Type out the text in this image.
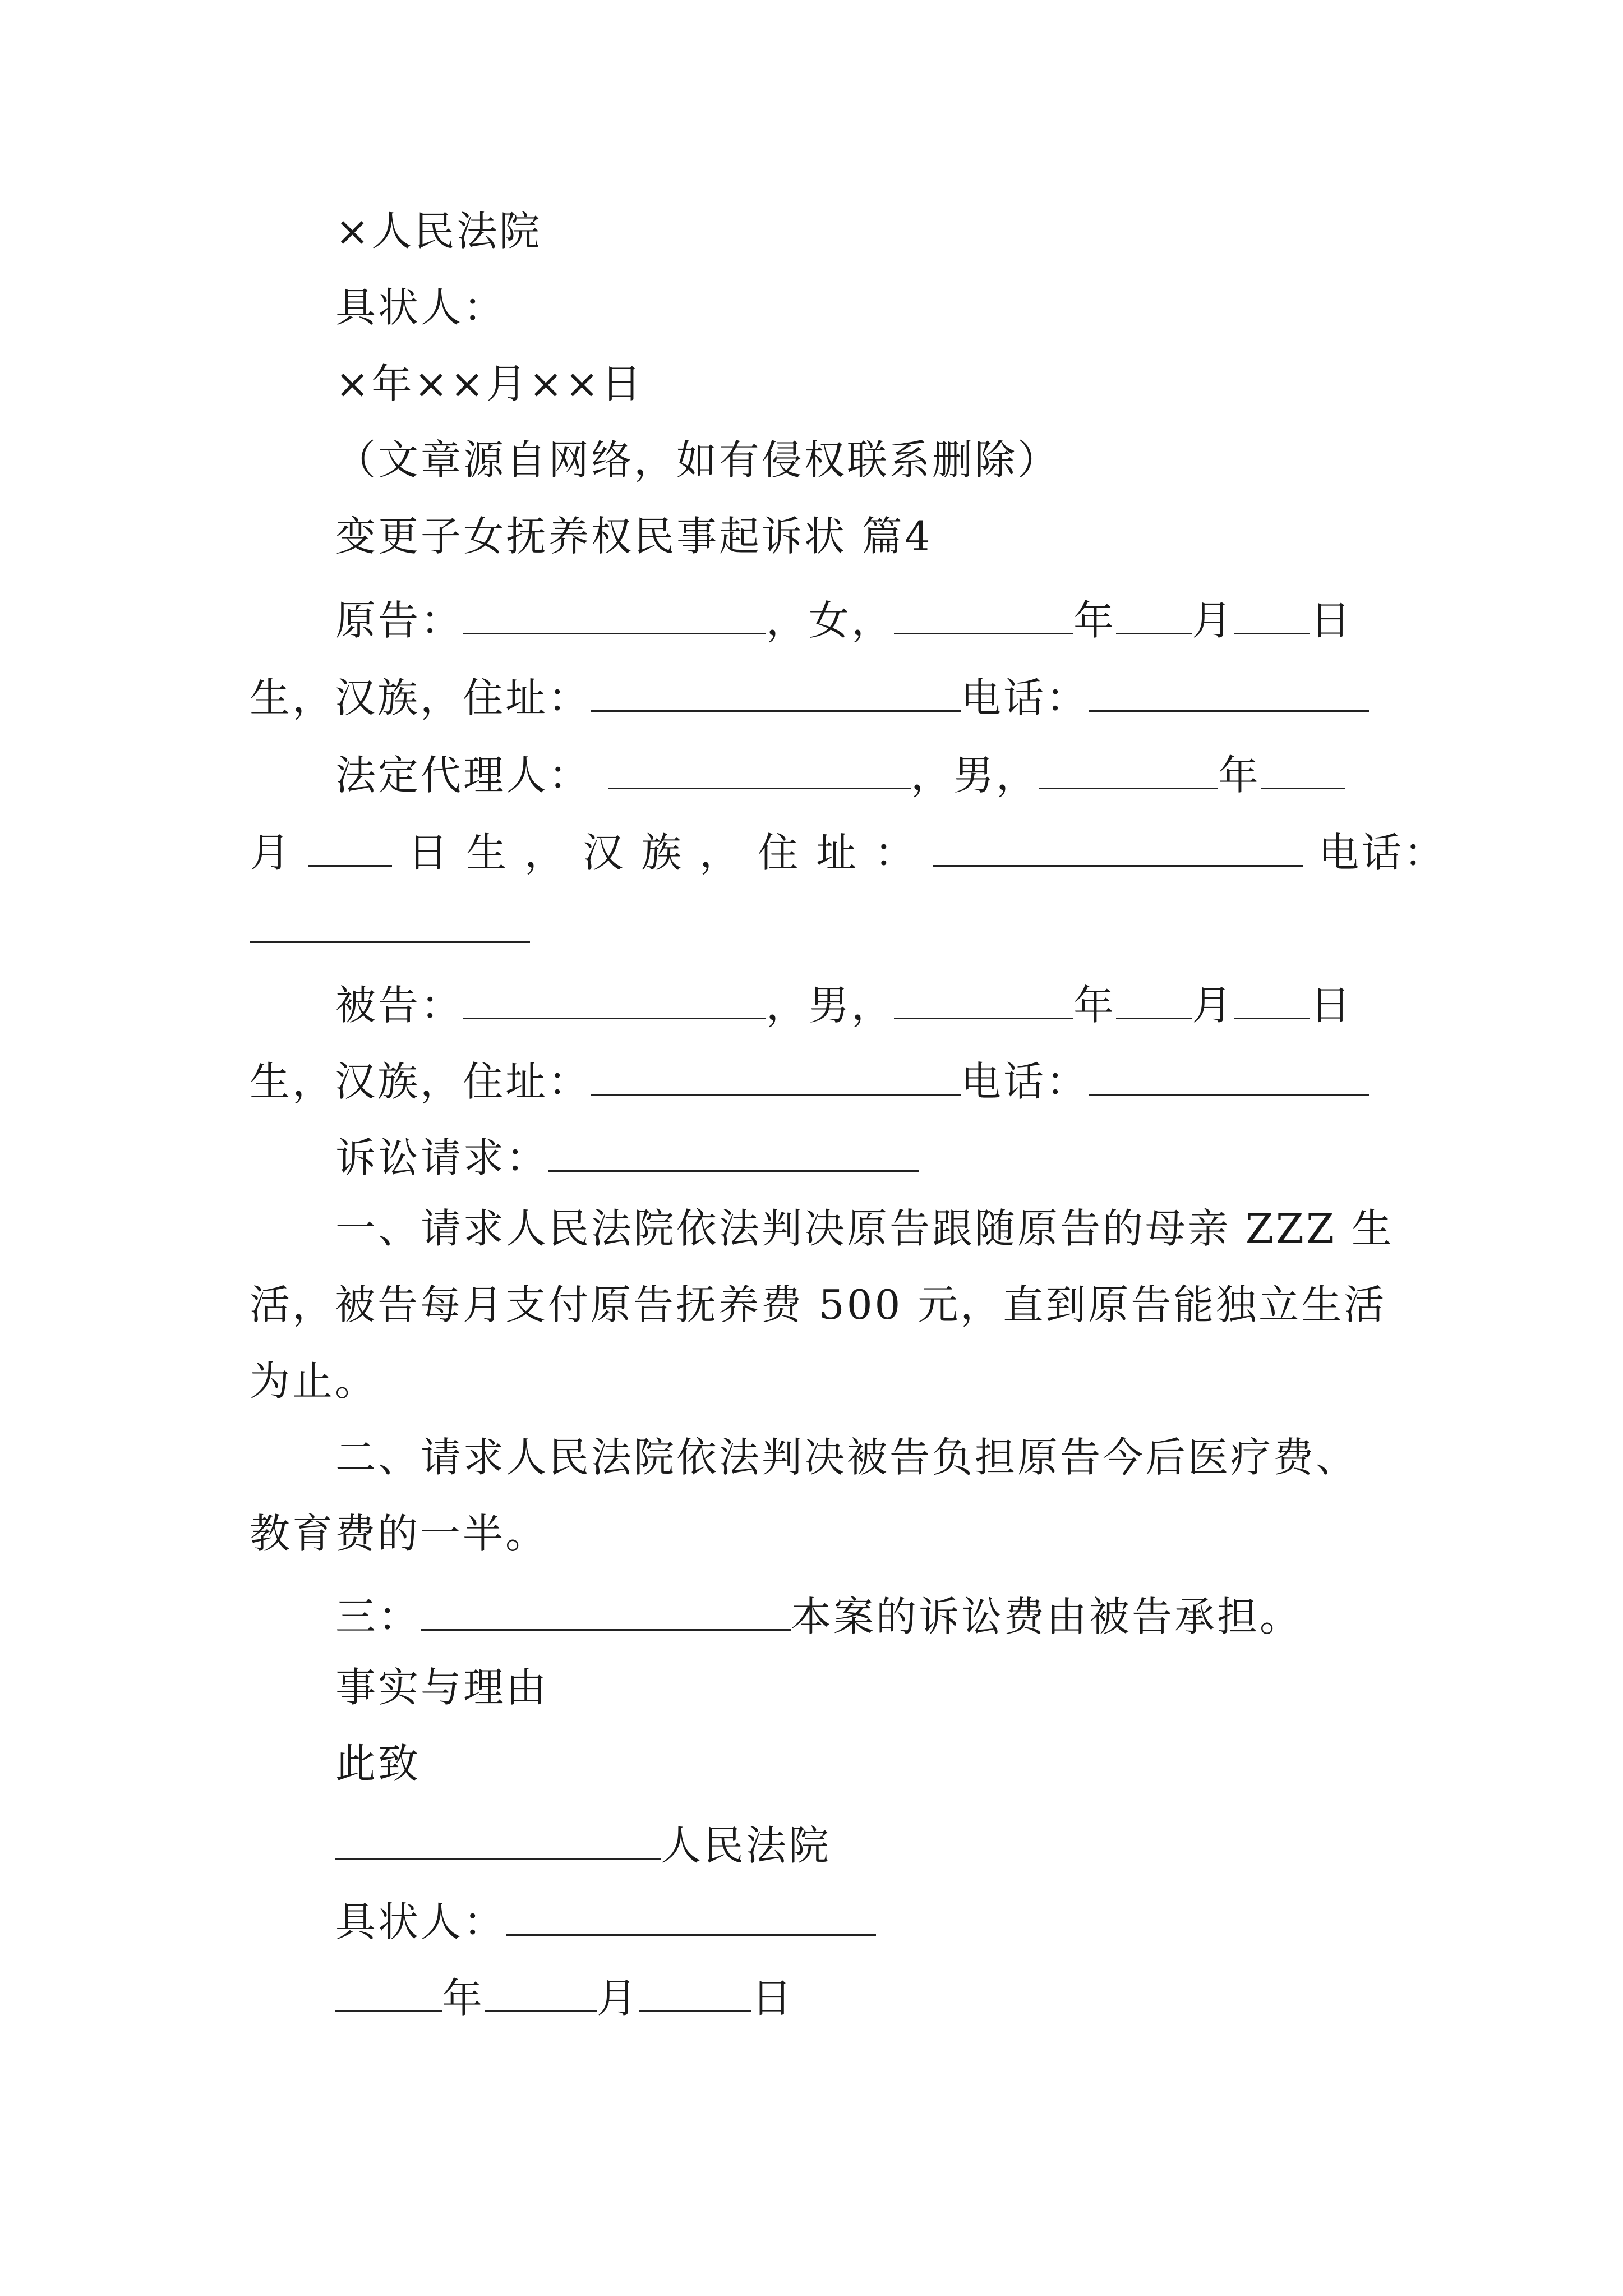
×人民法院
具状人：
×年××月××日
（文章源自网络，如有侵权联系删除）
变更子女抚养权民事起诉状 篇4
原告：	，女，	年 月 日
生，汉族，住址：	电话：
法定代理人：	，男，	年
月	日 生 ， 汉 族 ， 住 址 ：	电话：
被告：	，男，	年 月 日
生，汉族，住址：	电话：
诉讼请求：
一、请求人民法院依法判决原告跟随原告的母亲 ZZZ 生
活，被告每月支付原告抚养费 500 元，直到原告能独立生活
为止。
二、请求人民法院依法判决被告负担原告今后医疗费、
教育费的一半。
三：	本案的诉讼费由被告承担。
事实与理由
此致
人民法院
具状人：
年	月	日
